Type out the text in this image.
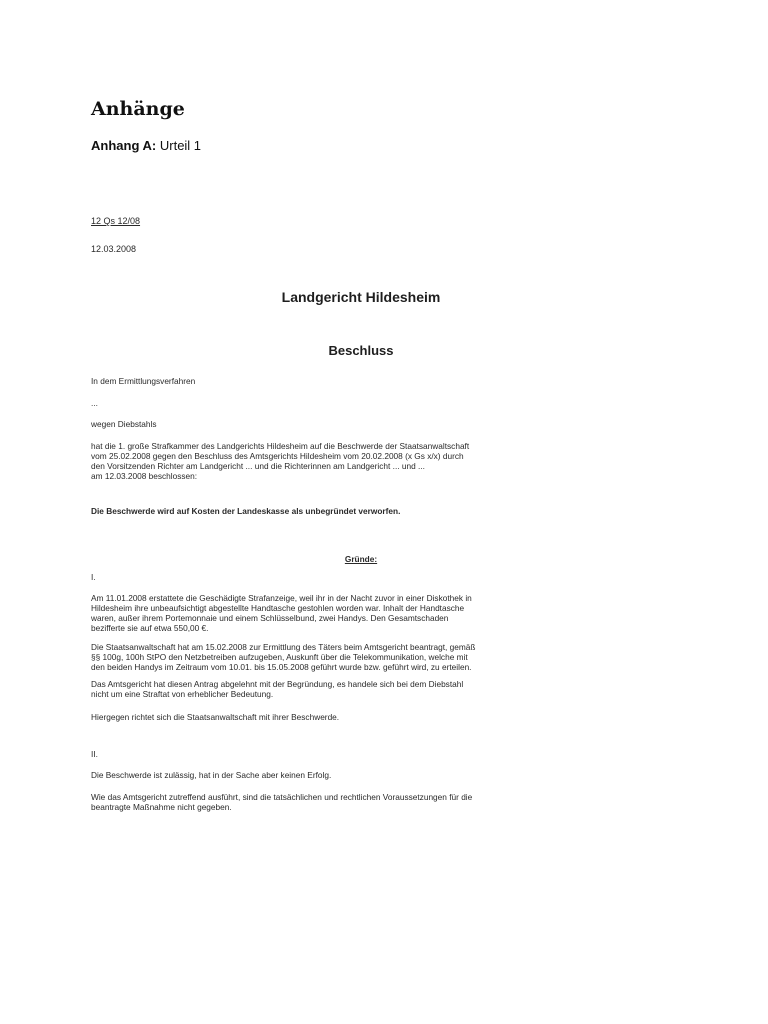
Anhänge
Anhang A: Urteil 1
12 Qs 12/08
12.03.2008
Landgericht Hildesheim
Beschluss
In dem Ermittlungsverfahren
...
wegen Diebstahls
hat die 1. große Strafkammer des Landgerichts Hildesheim auf die Beschwerde der Staatsanwaltschaft
vom 25.02.2008 gegen den Beschluss des Amtsgerichts Hildesheim vom 20.02.2008 (x Gs x/x) durch
den Vorsitzenden Richter am Landgericht ... und die Richterinnen am Landgericht ... und ...
am 12.03.2008 beschlossen:
Die Beschwerde wird auf Kosten der Landeskasse als unbegründet verworfen.
Gründe:
I.
Am 11.01.2008 erstattete die Geschädigte Strafanzeige, weil ihr in der Nacht zuvor in einer Diskothek in
Hildesheim ihre unbeaufsichtigt abgestellte Handtasche gestohlen worden war. Inhalt der Handtasche
waren, außer ihrem Portemonnaie und einem Schlüsselbund, zwei Handys. Den Gesamtschaden
bezifferte sie auf etwa 550,00 €.
Die Staatsanwaltschaft hat am 15.02.2008 zur Ermittlung des Täters beim Amtsgericht beantragt, gemäß
§§ 100g, 100h StPO den Netzbetreiben aufzugeben, Auskunft über die Telekommunikation, welche mit
den beiden Handys im Zeitraum vom 10.01. bis 15.05.2008 geführt wurde bzw. geführt wird, zu erteilen.
Das Amtsgericht hat diesen Antrag abgelehnt mit der Begründung, es handele sich bei dem Diebstahl
nicht um eine Straftat von erheblicher Bedeutung.
Hiergegen richtet sich die Staatsanwaltschaft mit ihrer Beschwerde.
II.
Die Beschwerde ist zulässig, hat in der Sache aber keinen Erfolg.
Wie das Amtsgericht zutreffend ausführt, sind die tatsächlichen und rechtlichen Voraussetzungen für die
beantragte Maßnahme nicht gegeben.
